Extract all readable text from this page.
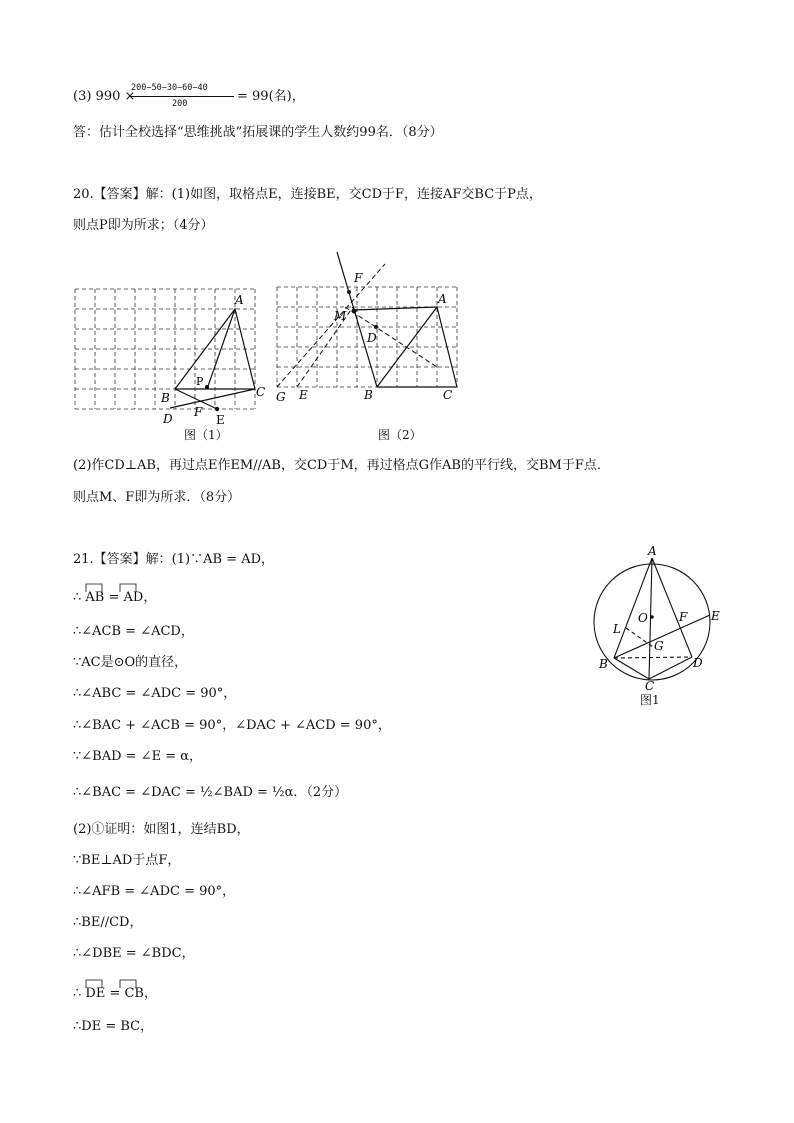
(3) 990 ×
200−50−30−60−40
200	= 99(名)，
答：估计全校选择“思维挑战”拓展课的学生人数约99名．（8分）
20.【答案】解：(1)如图，取格点E，连接BE，交CD于F，连接AF交BC于P点，
则点P即为所求；（4分）
A
B	C
D F
E
P
图（1）
F
M
A
D
G E	B	C
图（2）
(2)作CD⊥AB，再过点E作EM//AB，交CD于M，再过格点G作AB的平行线，交BM于F点．
则点M、F即为所求．（8分）
21.【答案】解：(1)∵AB = AD，
∴ AB = AD，
∴∠ACB = ∠ACD，
∵AC是⊙O的直径，
∴∠ABC = ∠ADC = 90°，
∴∠BAC + ∠ACB = 90°，∠DAC + ∠ACD = 90°，
∵∠BAD = ∠E = α，
∴∠BAC = ∠DAC = ½∠BAD = ½α．（2分）
(2)①证明：如图1，连结BD，
∵BE⊥AD于点F，
∴∠AFB = ∠ADC = 90°，
∴BE//CD，
∴∠DBE = ∠BDC，
∴ DE = CB，
∴DE = BC，
A
O	F E
L
G
B	D
C
图1
